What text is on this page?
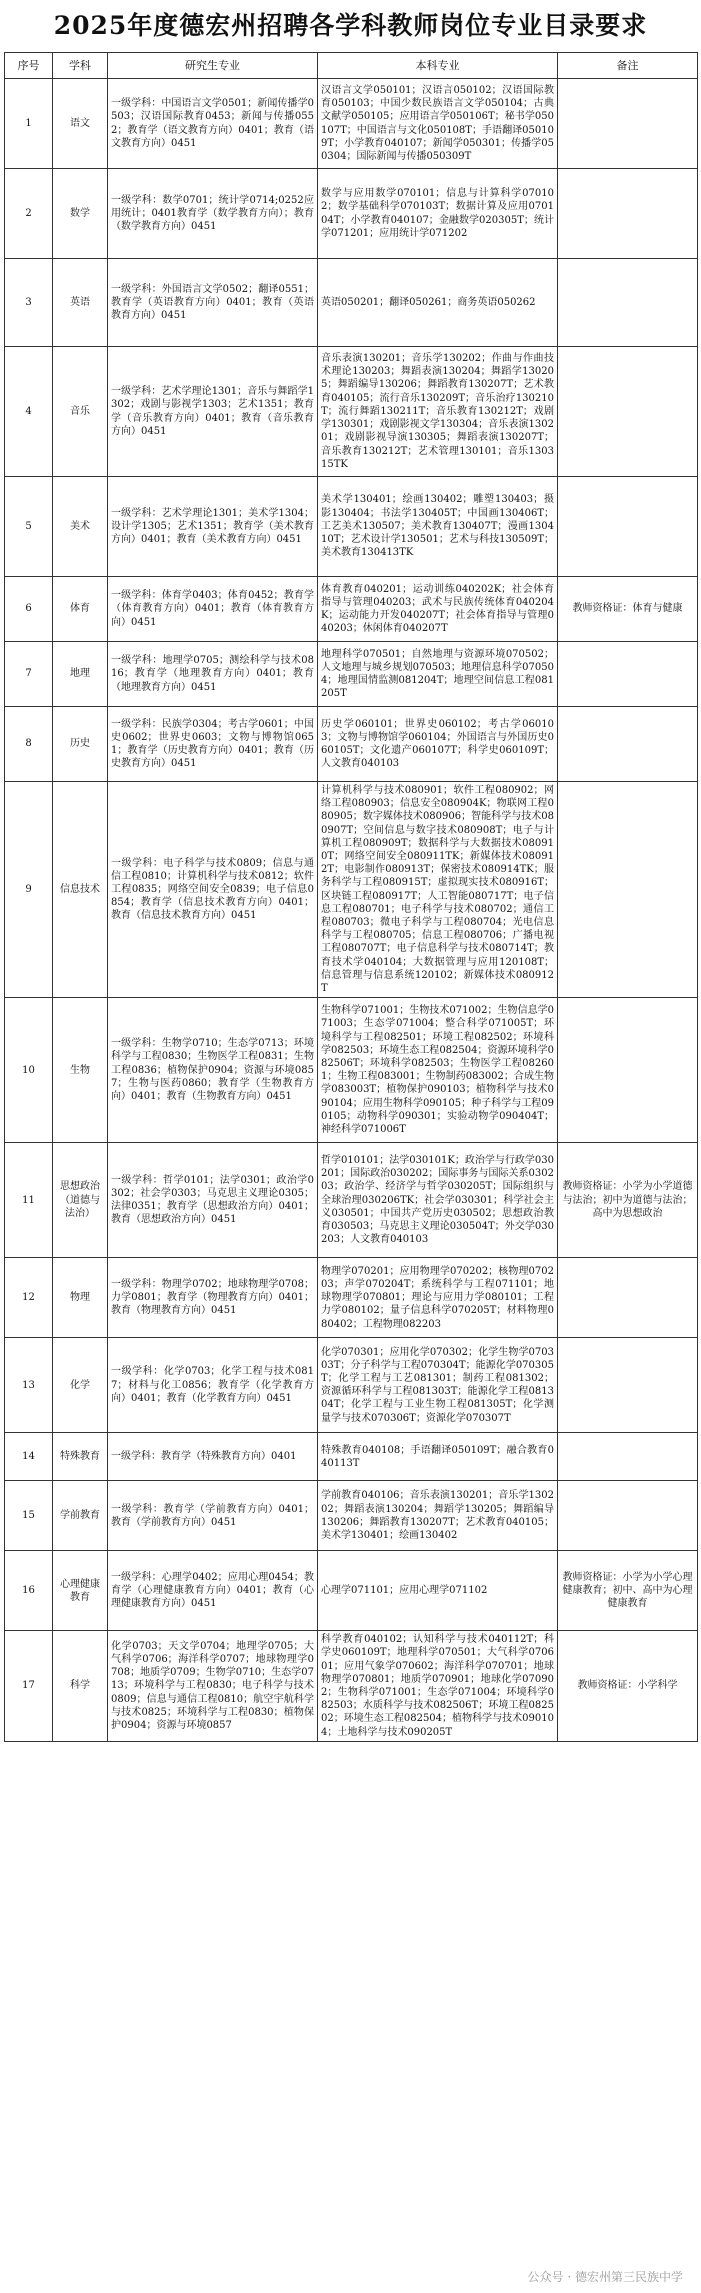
2025年度德宏州招聘各学科教师岗位专业目录要求
序号	学科	研究生专业	本科专业	备注
1	语文	一级学科：中国语言文学0501；新闻传播学0503；汉语国际教育0453；新闻与传播0552；教育学（语文教育方向）0401；教育（语文教育方向）0451	汉语言文学050101；汉语言050102；汉语国际教育050103；中国少数民族语言文学050104；古典文献学050105；应用语言学050106T；秘书学050107T；中国语言与文化050108T；手语翻译050109T；小学教育040107；新闻学050301；传播学050304；国际新闻与传播050309T	
2	数学	一级学科：数学0701；统计学0714;0252应用统计；0401教育学（数学教育方向）；教育（数学教育方向）0451	数学与应用数学070101；信息与计算科学070102；数学基础科学070103T；数据计算及应用070104T；小学教育040107；金融数学020305T；统计学071201；应用统计学071202	
3	英语	一级学科：外国语言文学0502；翻译0551；教育学（英语教育方向）0401；教育（英语教育方向）0451	英语050201；翻译050261；商务英语050262	
4	音乐	一级学科：艺术学理论1301；音乐与舞蹈学1302；戏剧与影视学1303；艺术1351；教育学（音乐教育方向）0401；教育（音乐教育方向）0451	音乐表演130201；音乐学130202；作曲与作曲技术理论130203；舞蹈表演130204；舞蹈学130205；舞蹈编导130206；舞蹈教育130207T；艺术教育040105；流行音乐130209T；音乐治疗130210T；流行舞蹈130211T；音乐教育130212T；戏剧学130301；戏剧影视文学130304；音乐表演130201；戏剧影视导演130305；舞蹈表演130207T；音乐教育130212T；艺术管理130101；音乐130315TK	
5	美术	一级学科：艺术学理论1301；美术学1304；设计学1305；艺术1351；教育学（美术教育方向）0401；教育（美术教育方向）0451	美术学130401；绘画130402；雕塑130403；摄影130404；书法学130405T；中国画130406T；工艺美术130507；美术教育130407T；漫画130410T；艺术设计学130501；艺术与科技130509T；美术教育130413TK	
6	体育	一级学科：体育学0403；体育0452；教育学（体育教育方向）0401；教育（体育教育方向）0451	体育教育040201；运动训练040202K；社会体育指导与管理040203；武术与民族传统体育040204K；运动能力开发040207T；社会体育指导与管理040203；休闲体育040207T	教师资格证：体育与健康
7	地理	一级学科：地理学0705；测绘科学与技术0816；教育学（地理教育方向）0401；教育（地理教育方向）0451	地理科学070501；自然地理与资源环境070502；人文地理与城乡规划070503；地理信息科学070504；地理国情监测081204T；地理空间信息工程081205T	
8	历史	一级学科：民族学0304；考古学0601；中国史0602；世界史0603；文物与博物馆0651；教育学（历史教育方向）0401；教育（历史教育方向）0451	历史学060101；世界史060102；考古学060103；文物与博物馆学060104；外国语言与外国历史060105T；文化遗产060107T；科学史060109T；人文教育040103	
9	信息技术	一级学科：电子科学与技术0809；信息与通信工程0810；计算机科学与技术0812；软件工程0835；网络空间安全0839；电子信息0854；教育学（信息技术教育方向）0401；教育（信息技术教育方向）0451	计算机科学与技术080901；软件工程080902；网络工程080903；信息安全080904K；物联网工程080905；数字媒体技术080906；智能科学与技术080907T；空间信息与数字技术080908T；电子与计算机工程080909T；数据科学与大数据技术080910T；网络空间安全080911TK；新媒体技术080912T；电影制作080913T；保密技术080914TK；服务科学与工程080915T；虚拟现实技术080916T；区块链工程080917T；人工智能080717T；电子信息工程080701；电子科学与技术080702；通信工程080703；微电子科学与工程080704；光电信息科学与工程080705；信息工程080706；广播电视工程080707T；电子信息科学与技术080714T；教育技术学040104；大数据管理与应用120108T；信息管理与信息系统120102；新媒体技术080912T	
10	生物	一级学科：生物学0710；生态学0713；环境科学与工程0830；生物医学工程0831；生物工程0836；植物保护0904；资源与环境0857；生物与医药0860；教育学（生物教育方向）0401；教育（生物教育方向）0451	生物科学071001；生物技术071002；生物信息学071003；生态学071004；整合科学071005T；环境科学与工程082501；环境工程082502；环境科学082503；环境生态工程082504；资源环境科学082506T；环境科学082503；生物医学工程082601；生物工程083001；生物制药083002；合成生物学083003T；植物保护090103；植物科学与技术090104；应用生物科学090105；种子科学与工程090105；动物科学090301；实验动物学090404T；神经科学071006T	
11	思想政治（道德与法治）	一级学科：哲学0101；法学0301；政治学0302；社会学0303；马克思主义理论0305；法律0351；教育学（思想政治方向）0401；教育（思想政治方向）0451	哲学010101；法学030101K；政治学与行政学030201；国际政治030202；国际事务与国际关系030203；政治学、经济学与哲学030205T；国际组织与全球治理030206TK；社会学030301；科学社会主义030501；中国共产党历史030502；思想政治教育030503；马克思主义理论030504T；外交学030203；人文教育040103	教师资格证：小学为小学道德与法治；初中为道德与法治；高中为思想政治
12	物理	一级学科：物理学0702；地球物理学0708；力学0801；教育学（物理教育方向）0401；教育（物理教育方向）0451	物理学070201；应用物理学070202；核物理070203；声学070204T；系统科学与工程071101；地球物理学070801；理论与应用力学080101；工程力学080102；量子信息科学070205T；材料物理080402；工程物理082203	
13	化学	一级学科：化学0703；化学工程与技术0817；材料与化工0856；教育学（化学教育方向）0401；教育（化学教育方向）0451	化学070301；应用化学070302；化学生物学070303T；分子科学与工程070304T；能源化学070305T；化学工程与工艺081301；制药工程081302；资源循环科学与工程081303T；能源化学工程081304T；化学工程与工业生物工程081305T；化学测量学与技术070306T；资源化学070307T	
14	特殊教育	一级学科：教育学（特殊教育方向）0401	特殊教育040108；手语翻译050109T；融合教育040113T	
15	学前教育	一级学科：教育学（学前教育方向）0401；教育（学前教育方向）0451	学前教育040106；音乐表演130201；音乐学130202；舞蹈表演130204；舞蹈学130205；舞蹈编导130206；舞蹈教育130207T；艺术教育040105；美术学130401；绘画130402	
16	心理健康教育	一级学科：心理学0402；应用心理0454；教育学（心理健康教育方向）0401；教育（心理健康教育方向）0451	心理学071101；应用心理学071102	教师资格证：小学为小学心理健康教育；初中、高中为心理健康教育
17	科学	化学0703；天文学0704；地理学0705；大气科学0706；海洋科学0707；地球物理学0708；地质学0709；生物学0710；生态学0713；环境科学与工程0830；电子科学与技术0809；信息与通信工程0810；航空宇航科学与技术0825；环境科学与工程0830；植物保护0904；资源与环境0857	科学教育040102；认知科学与技术040112T；科学史060109T；地理科学070501；大气科学070601；应用气象学070602；海洋科学070701；地球物理学070801；地质学070901；地球化学070902；生物科学071001；生态学071004；环境科学082503；水质科学与技术082506T；环境工程082502；环境生态工程082504；植物科学与技术090104；土地科学与技术090205T	教师资格证：小学科学
公众号 · 德宏州第三民族中学
